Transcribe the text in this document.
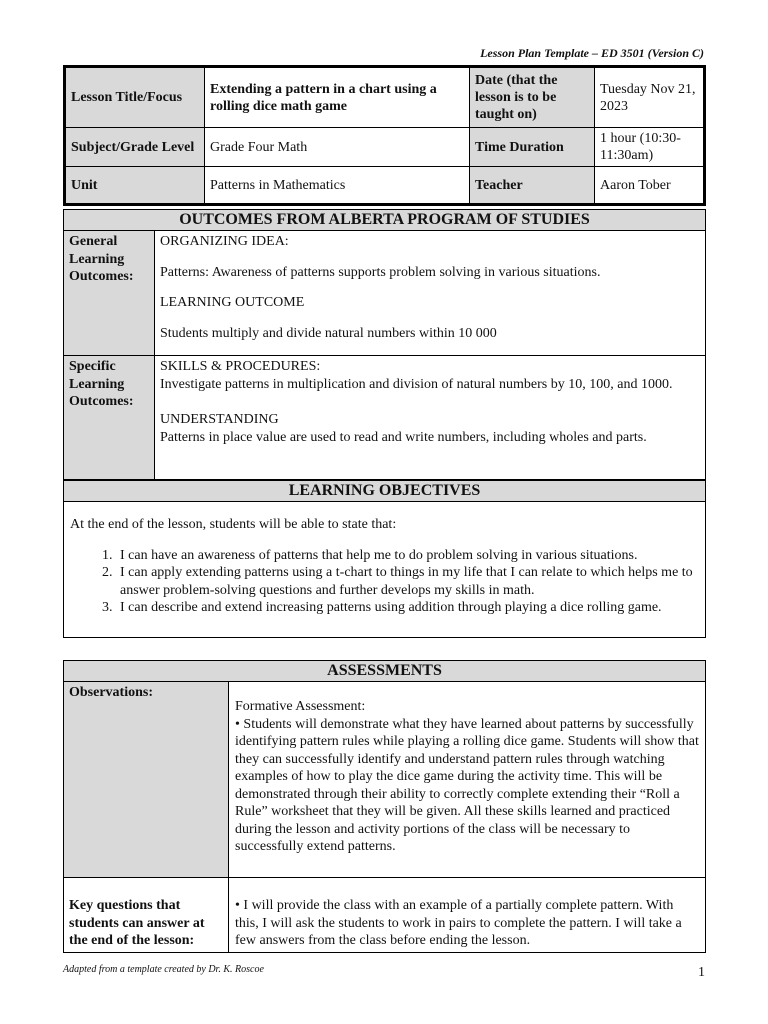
Lesson Plan Template – ED 3501 (Version C)
Lesson Title/Focus	Extending a pattern in a chart using a rolling dice math game	Date (that the lesson is to be taught on)	Tuesday Nov 21, 2023
Subject/Grade Level	Grade Four Math	Time Duration	1 hour (10:30-11:30am)
Unit	Patterns in Mathematics	Teacher	Aaron Tober
OUTCOMES FROM ALBERTA PROGRAM OF STUDIES	
General Learning Outcomes:	ORGANIZING IDEA:

Patterns: Awareness of patterns supports problem solving in various situations.

LEARNING OUTCOME

Students multiply and divide natural numbers within 10 000

Specific Learning Outcomes:	SKILLS & PROCEDURES:

Investigate patterns in multiplication and division of natural numbers by 10, 100, and 1000.

UNDERSTANDING

Patterns in place value are used to read and write numbers, including wholes and parts.

LEARNING OBJECTIVES

At the end of the lesson, students will be able to state that:
1. I can have an awareness of patterns that help me to do problem solving in various situations.
2. I can apply extending patterns using a t-chart to things in my life that I can relate to which helps me to answer problem-solving questions and further develops my skills in math.
3. I can describe and extend increasing patterns using addition through playing a dice rolling game.
ASSESSMENTS	
Observations:	Formative Assessment:
• Students will demonstrate what they have learned about patterns by successfully identifying pattern rules while playing a rolling dice game. Students will show that they can successfully identify and understand pattern rules through watching examples of how to play the dice game during the activity time. This will be demonstrated through their ability to correctly complete extending their “Roll a Rule” worksheet that they will be given. All these skills learned and practiced during the lesson and activity portions of the class will be necessary to successfully extend patterns.

Key questions that students can answer at the end of the lesson:	• I will provide the class with an example of a partially complete pattern. With this, I will ask the students to work in pairs to complete the pattern. I will take a few answers from the class before ending the lesson.
Adapted from a template created by Dr. K. Roscoe	1
